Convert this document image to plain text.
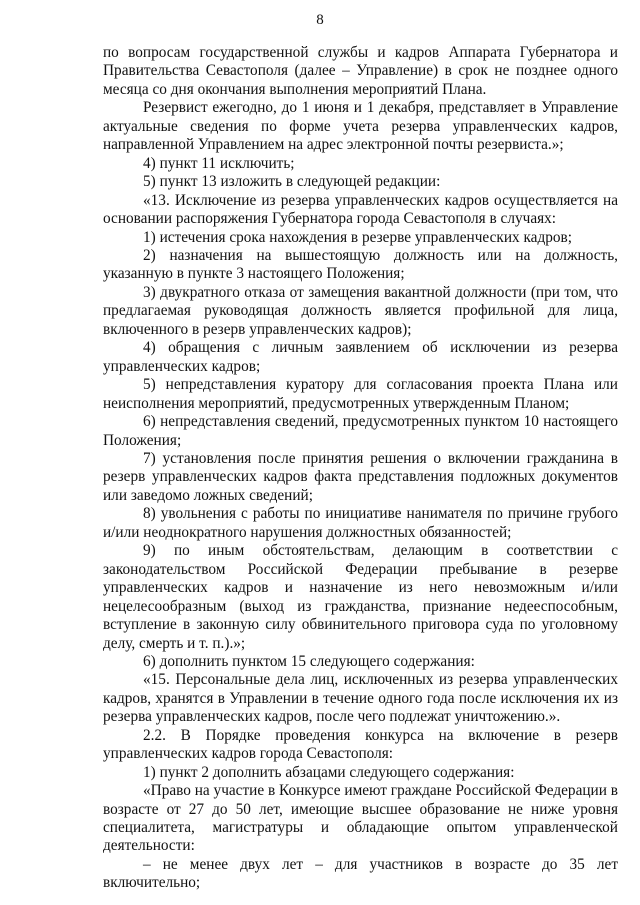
8

по вопросам государственной службы и кадров Аппарата Губернатора и Правительства Севастополя (далее – Управление) в срок не позднее одного месяца со дня окончания выполнения мероприятий Плана.

Резервист ежегодно, до 1 июня и 1 декабря, представляет в Управление актуальные сведения по форме учета резерва управленческих кадров, направленной Управлением на адрес электронной почты резервиста.»;

4) пункт 11 исключить;

5) пункт 13 изложить в следующей редакции:

«13. Исключение из резерва управленческих кадров осуществляется на основании распоряжения Губернатора города Севастополя в случаях:

1) истечения срока нахождения в резерве управленческих кадров;

2) назначения на вышестоящую должность или на должность, указанную в пункте 3 настоящего Положения;

3) двукратного отказа от замещения вакантной должности (при том, что предлагаемая руководящая должность является профильной для лица, включенного в резерв управленческих кадров);

4) обращения с личным заявлением об исключении из резерва управленческих кадров;

5) непредставления куратору для согласования проекта Плана или неисполнения мероприятий, предусмотренных утвержденным Планом;

6) непредставления сведений, предусмотренных пунктом 10 настоящего Положения;

7) установления после принятия решения о включении гражданина в резерв управленческих кадров факта представления подложных документов или заведомо ложных сведений;

8) увольнения с работы по инициативе нанимателя по причине грубого и/или неоднократного нарушения должностных обязанностей;

9) по иным обстоятельствам, делающим в соответствии с законодательством Российской Федерации пребывание в резерве управленческих кадров и назначение из него невозможным и/или нецелесообразным (выход из гражданства, признание недееспособным, вступление в законную силу обвинительного приговора суда по уголовному делу, смерть и т. п.).»;

6) дополнить пунктом 15 следующего содержания:

«15. Персональные дела лиц, исключенных из резерва управленческих кадров, хранятся в Управлении в течение одного года после исключения их из резерва управленческих кадров, после чего подлежат уничтожению.».

2.2. В Порядке проведения конкурса на включение в резерв управленческих кадров города Севастополя:

1) пункт 2 дополнить абзацами следующего содержания:

«Право на участие в Конкурсе имеют граждане Российской Федерации в возрасте от 27 до 50 лет, имеющие высшее образование не ниже уровня специалитета, магистратуры и обладающие опытом управленческой деятельности:

– не менее двух лет – для участников в возрасте до 35 лет включительно;
